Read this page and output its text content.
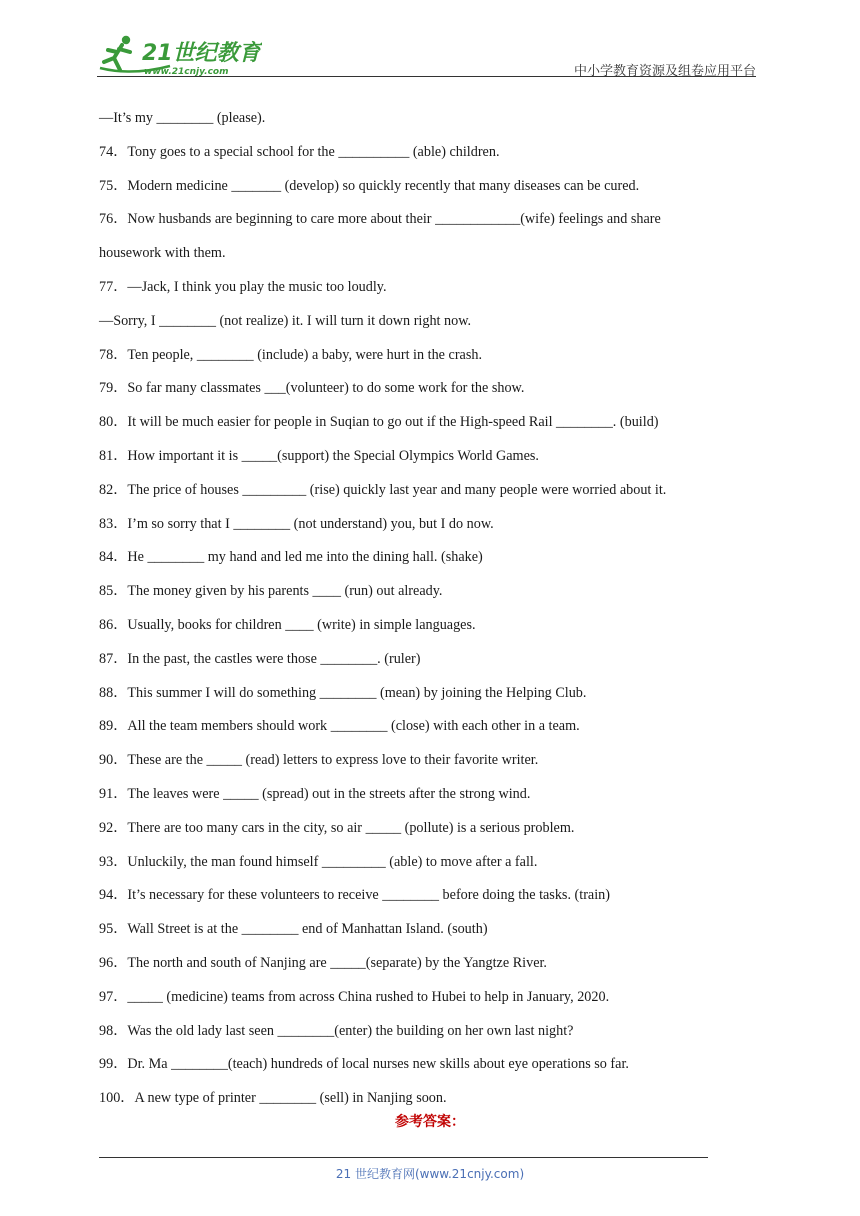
21世纪教育
www.21cnjy.com	中小学教育资源及组卷应用平台
—It’s my ________ (please).
74．Tony goes to a special school for the __________ (able) children.
75．Modern medicine _______ (develop) so quickly recently that many diseases can be cured.
76．Now husbands are beginning to care more about their ____________(wife) feelings and share
housework with them.
77．—Jack, I think you play the music too loudly.
—Sorry, I ________ (not realize) it. I will turn it down right now.
78．Ten people, ________ (include) a baby, were hurt in the crash.
79．So far many classmates ___(volunteer) to do some work for the show.
80．It will be much easier for people in Suqian to go out if the High-speed Rail ________. (build)
81．How important it is _____(support) the Special Olympics World Games.
82．The price of houses _________ (rise) quickly last year and many people were worried about it.
83．I’m so sorry that I ________ (not understand) you, but I do now.
84．He ________ my hand and led me into the dining hall. (shake)
85．The money given by his parents ____ (run) out already.
86．Usually, books for children ____ (write) in simple languages.
87．In the past, the castles were those ________. (ruler)
88．This summer I will do something ________ (mean) by joining the Helping Club.
89．All the team members should work ________ (close) with each other in a team.
90．These are the _____ (read) letters to express love to their favorite writer.
91．The leaves were _____ (spread) out in the streets after the strong wind.
92．There are too many cars in the city, so air _____ (pollute) is a serious problem.
93．Unluckily, the man found himself _________ (able) to move after a fall.
94．It’s necessary for these volunteers to receive ________ before doing the tasks. (train)
95．Wall Street is at the ________ end of Manhattan Island. (south)
96．The north and south of Nanjing are _____(separate) by the Yangtze River.
97．_____ (medicine) teams from across China rushed to Hubei to help in January, 2020.
98．Was the old lady last seen ________(enter) the building on her own last night?
99．Dr. Ma ________(teach) hundreds of local nurses new skills about eye operations so far.
100．A new type of printer ________ (sell) in Nanjing soon.
参考答案：
21 世纪教育网(www.21cnjy.com)
